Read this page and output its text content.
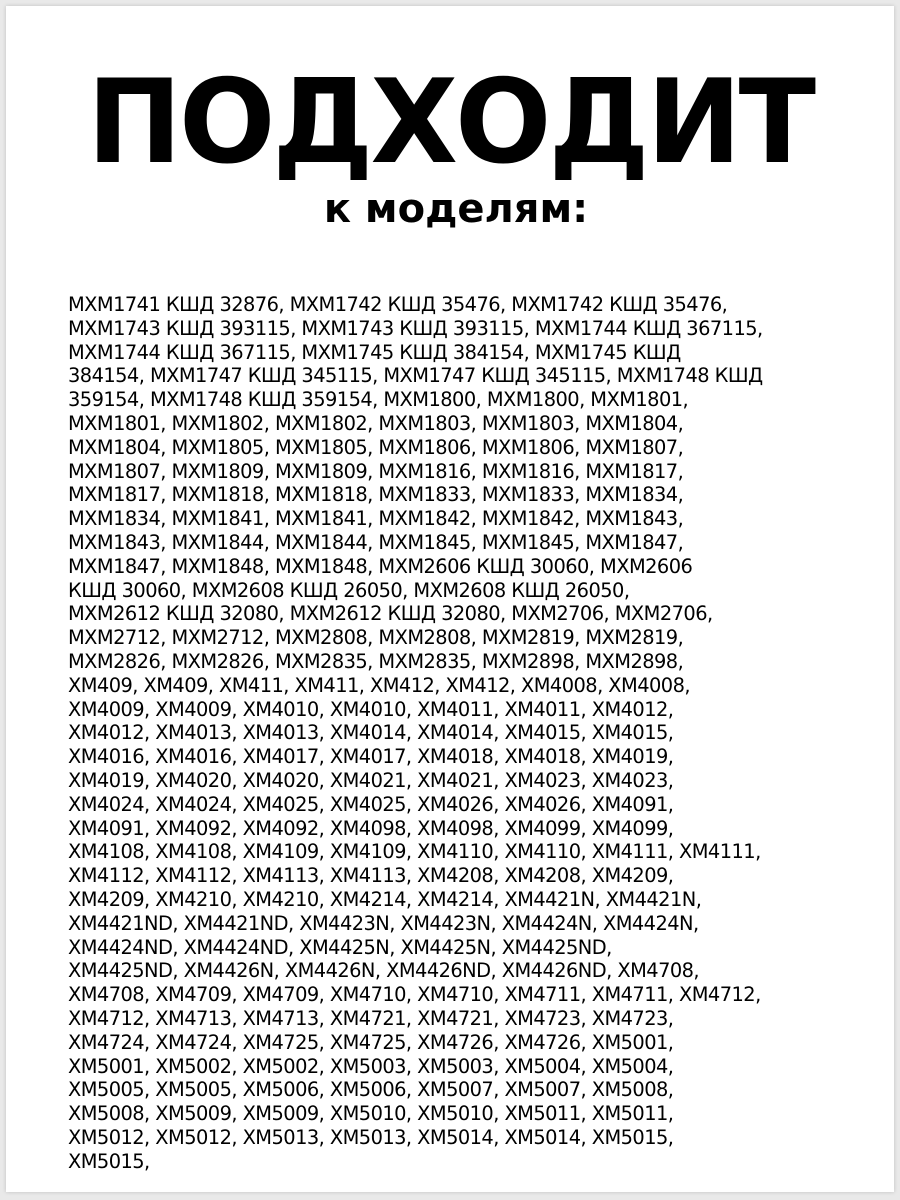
ПОДХОДИТ
к моделям:
MXM1741 КШД 32876, MXM1742 КШД 35476, MXM1742 КШД 35476,
MXM1743 КШД 393115, MXM1743 КШД 393115, MXM1744 КШД 367115,
MXM1744 КШД 367115, MXM1745 КШД 384154, MXM1745 КШД
384154, MXM1747 КШД 345115, MXM1747 КШД 345115, MXM1748 КШД
359154, MXM1748 КШД 359154, MXM1800, MXM1800, MXM1801,
MXM1801, MXM1802, MXM1802, MXM1803, MXM1803, MXM1804,
MXM1804, MXM1805, MXM1805, MXM1806, MXM1806, MXM1807,
MXM1807, MXM1809, MXM1809, MXM1816, MXM1816, MXM1817,
MXM1817, MXM1818, MXM1818, MXM1833, MXM1833, MXM1834,
MXM1834, MXM1841, MXM1841, MXM1842, MXM1842, MXM1843,
MXM1843, MXM1844, MXM1844, MXM1845, MXM1845, MXM1847,
MXM1847, MXM1848, MXM1848, MXM2606 КШД 30060, MXM2606
КШД 30060, MXM2608 КШД 26050, MXM2608 КШД 26050,
MXM2612 КШД 32080, MXM2612 КШД 32080, MXM2706, MXM2706,
MXM2712, MXM2712, MXM2808, MXM2808, MXM2819, MXM2819,
MXM2826, MXM2826, MXM2835, MXM2835, MXM2898, MXM2898,
XM409, XM409, XM411, XM411, XM412, XM412, XM4008, XM4008,
XM4009, XM4009, XM4010, XM4010, XM4011, XM4011, XM4012,
XM4012, XM4013, XM4013, XM4014, XM4014, XM4015, XM4015,
XM4016, XM4016, XM4017, XM4017, XM4018, XM4018, XM4019,
XM4019, XM4020, XM4020, XM4021, XM4021, XM4023, XM4023,
XM4024, XM4024, XM4025, XM4025, XM4026, XM4026, XM4091,
XM4091, XM4092, XM4092, XM4098, XM4098, XM4099, XM4099,
XM4108, XM4108, XM4109, XM4109, XM4110, XM4110, XM4111, XM4111,
XM4112, XM4112, XM4113, XM4113, XM4208, XM4208, XM4209,
XM4209, XM4210, XM4210, XM4214, XM4214, XM4421N, XM4421N,
XM4421ND, XM4421ND, XM4423N, XM4423N, XM4424N, XM4424N,
XM4424ND, XM4424ND, XM4425N, XM4425N, XM4425ND,
XM4425ND, XM4426N, XM4426N, XM4426ND, XM4426ND, XM4708,
XM4708, XM4709, XM4709, XM4710, XM4710, XM4711, XM4711, XM4712,
XM4712, XM4713, XM4713, XM4721, XM4721, XM4723, XM4723,
XM4724, XM4724, XM4725, XM4725, XM4726, XM4726, XM5001,
XM5001, XM5002, XM5002, XM5003, XM5003, XM5004, XM5004,
XM5005, XM5005, XM5006, XM5006, XM5007, XM5007, XM5008,
XM5008, XM5009, XM5009, XM5010, XM5010, XM5011, XM5011,
XM5012, XM5012, XM5013, XM5013, XM5014, XM5014, XM5015,
XM5015,
